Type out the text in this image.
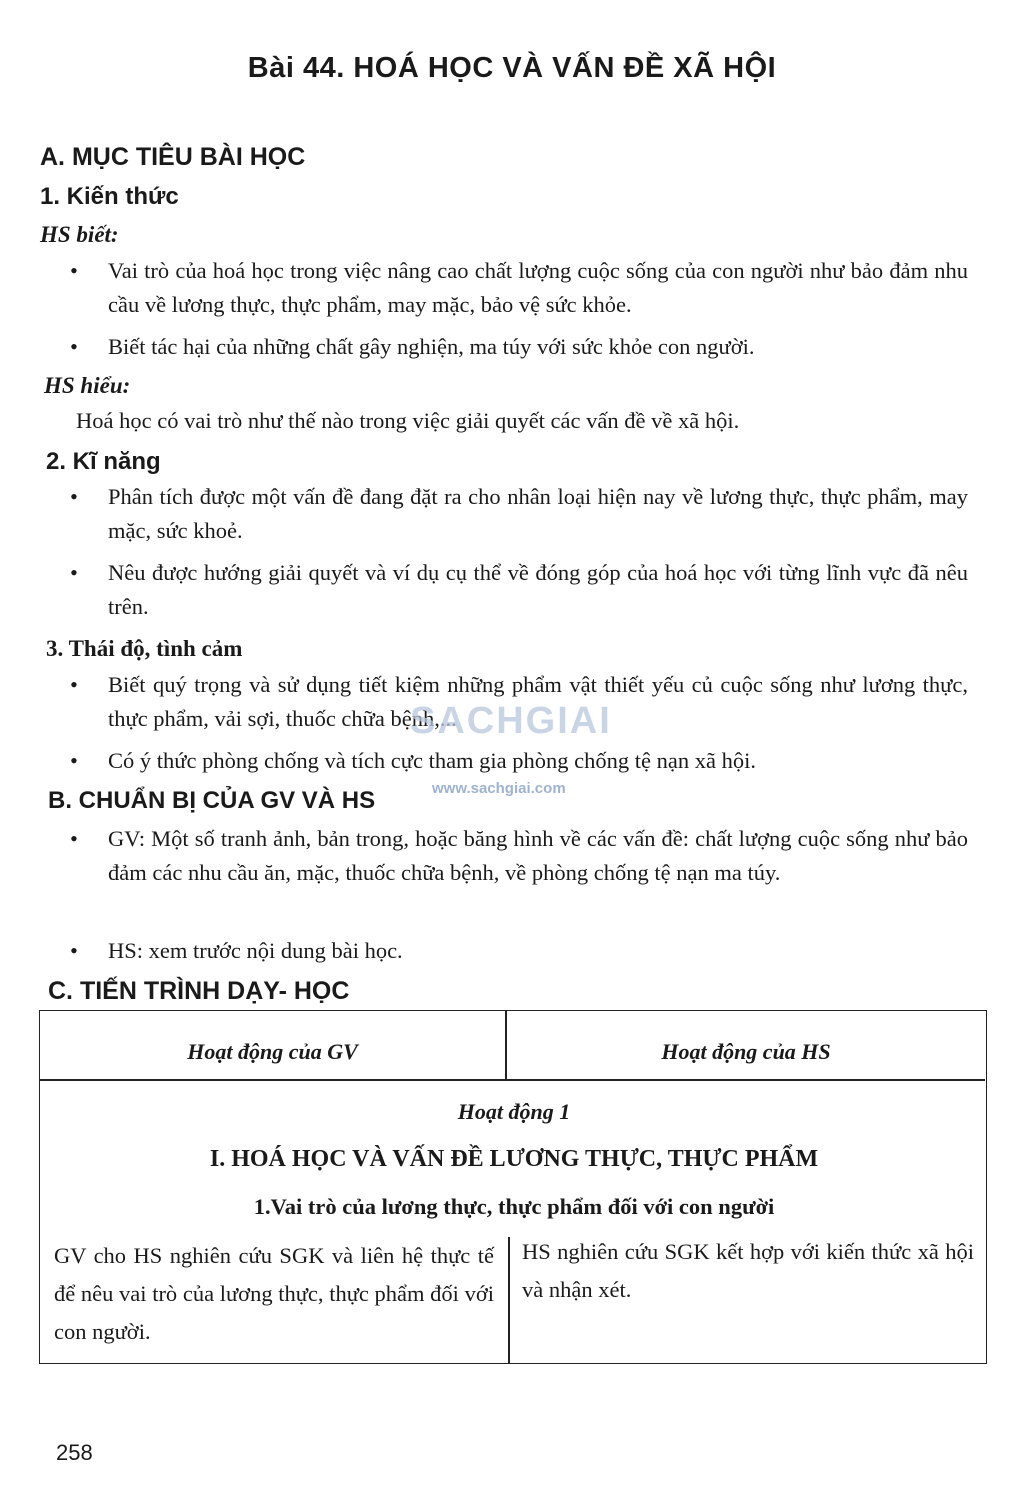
Bài 44. HOÁ HỌC VÀ VẤN ĐỀ XÃ HỘI
A. MỤC TIÊU BÀI HỌC
1. Kiến thức
HS biết:
• Vai trò của hoá học trong việc nâng cao chất lượng cuộc sống của con người như bảo đảm nhu cầu về lương thực, thực phẩm, may mặc, bảo vệ sức khỏe.
• Biết tác hại của những chất gây nghiện, ma túy với sức khỏe con người.
HS hiểu:
Hoá học có vai trò như thế nào trong việc giải quyết các vấn đề về xã hội.
2. Kĩ năng
• Phân tích được một vấn đề đang đặt ra cho nhân loại hiện nay về lương thực, thực phẩm, may mặc, sức khoẻ.
• Nêu được hướng giải quyết và ví dụ cụ thể về đóng góp của hoá học với từng lĩnh vực đã nêu trên.
3. Thái độ, tình cảm
• Biết quý trọng và sử dụng tiết kiệm những phẩm vật thiết yếu củ cuộc sống như lương thực, thực phẩm, vải sợi, thuốc chữa bệnh,...
• Có ý thức phòng chống và tích cực tham gia phòng chống tệ nạn xã hội.
SACHGIAI
www.sachgiai.com
B. CHUẨN BỊ CỦA GV VÀ HS
• GV: Một số tranh ảnh, bản trong, hoặc băng hình về các vấn đề: chất lượng cuộc sống như bảo đảm các nhu cầu ăn, mặc, thuốc chữa bệnh, về phòng chống tệ nạn ma túy.
• HS: xem trước nội dung bài học.
C. TIẾN TRÌNH DẠY- HỌC
Hoạt động của GV	Hoạt động của HS
Hoạt động 1
I. HOÁ HỌC VÀ VẤN ĐỀ LƯƠNG THỰC, THỰC PHẨM
1.Vai trò của lương thực, thực phẩm đối với con người
GV cho HS nghiên cứu SGK và liên hệ thực tế để nêu vai trò của lương thực, thực phẩm đối với con người.
HS nghiên cứu SGK kết hợp với kiến thức xã hội và nhận xét.
258
